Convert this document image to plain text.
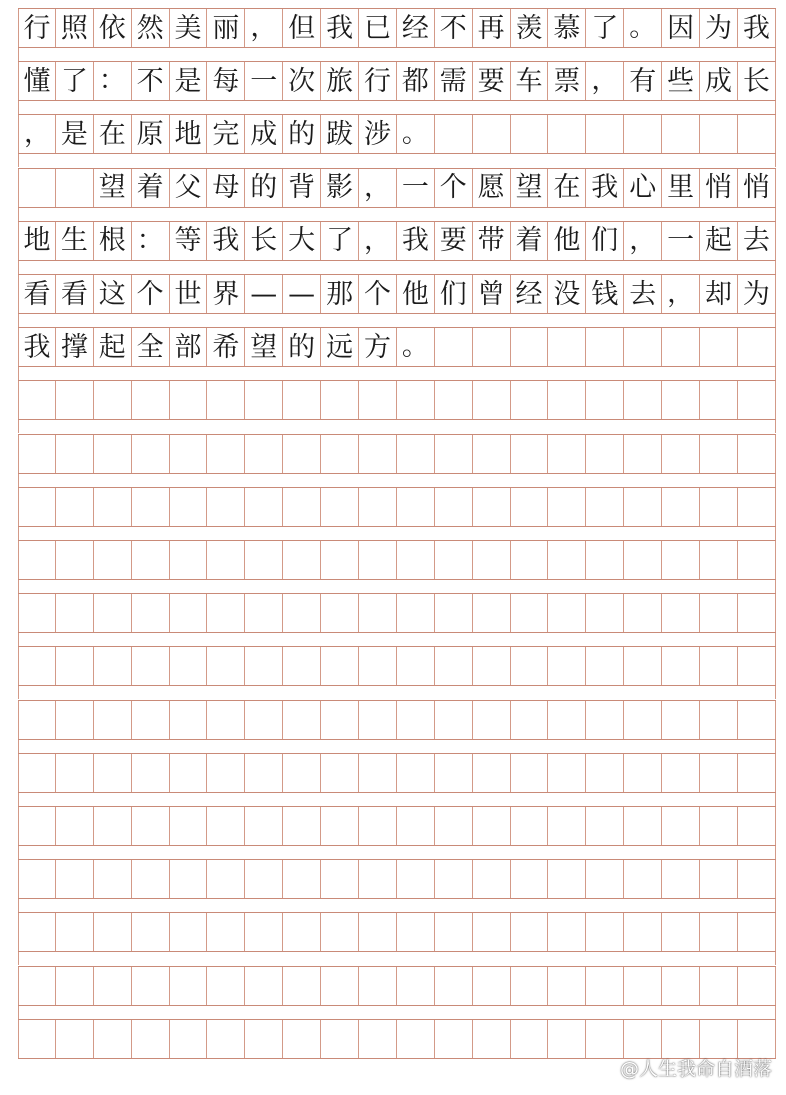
行 照 依 然 美 丽 ， 但 我 已 经 不 再 羡 慕 了 。 因 为 我
懂 了 ： 不 是 每 一 次 旅 行 都 需 要 车 票 ， 有 些 成 长
， 是 在 原 地 完 成 的 跋 涉 。
望 着 父 母 的 背 影 ， 一 个 愿 望 在 我 心 里 悄 悄
地 生 根 ： 等 我 长 大 了 ， 我 要 带 着 他 们 ， 一 起 去
看 看 这 个 世 界 — — 那 个 他 们 曾 经 没 钱 去 ， 却 为
我 撑 起 全 部 希 望 的 远 方 。
@人生我命自酒落
